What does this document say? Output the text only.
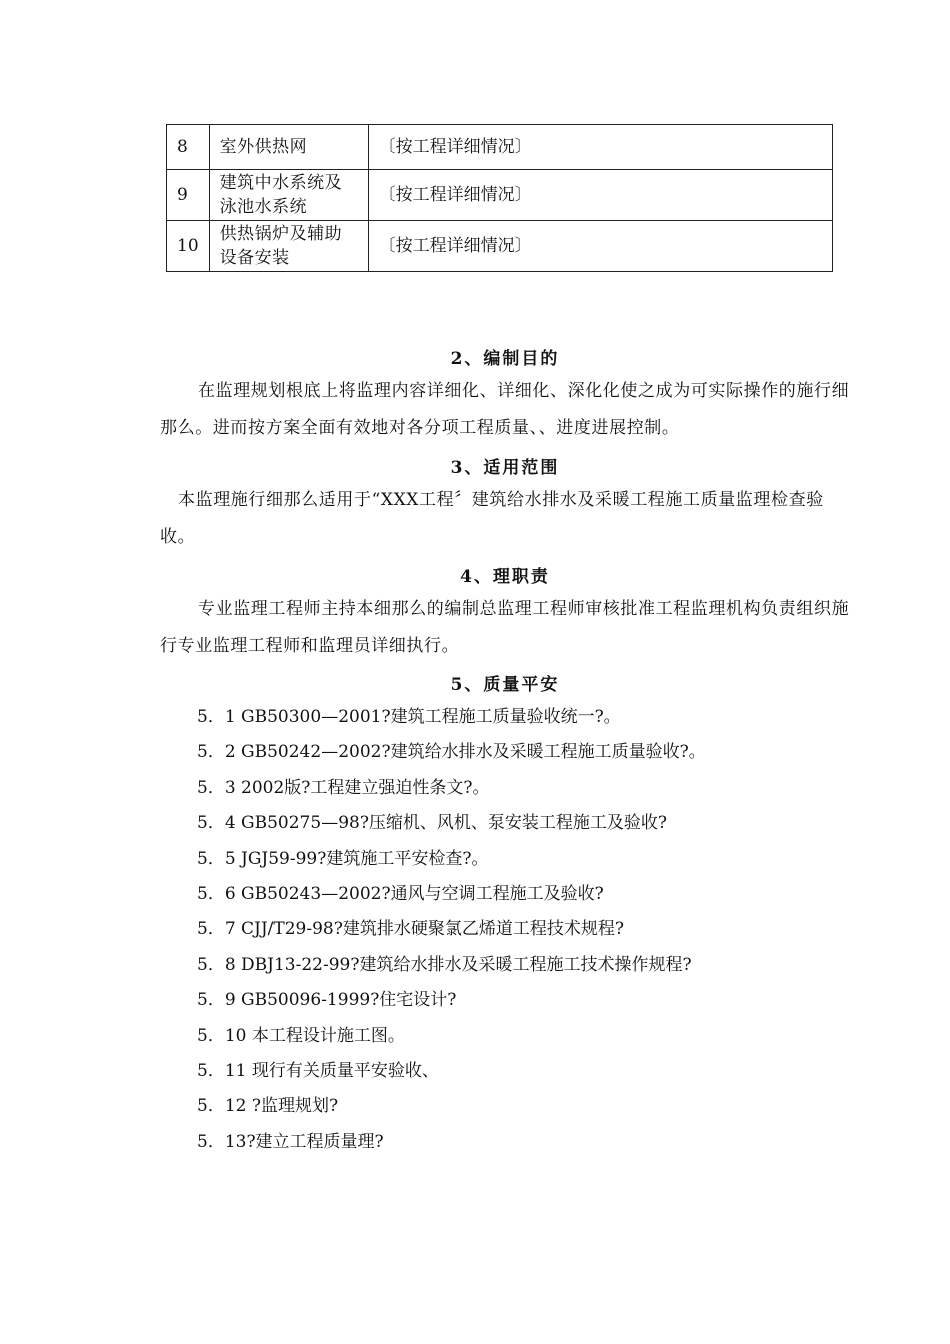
8	室外供热网	〔按工程详细情况〕
9	建筑中水系统及泳池水系统	〔按工程详细情况〕
10	供热锅炉及辅助设备安装	〔按工程详细情况〕
2、编制目的
在监理规划根底上将监理内容详细化、详细化、深化化使之成为可实际操作的施行细那么。进而按方案全面有效地对各分项工程质量、、进度进展控制。
3、适用范围
本监理施行细那么适用于“XXX工程〞建筑给水排水及采暖工程施工质量监理检查验收。
4、理职责
专业监理工程师主持本细那么的编制总监理工程师审核批准工程监理机构负责组织施行专业监理工程师和监理员详细执行。
5、质量平安
5．1 GB50300—2001?建筑工程施工质量验收统一?。
5．2 GB50242—2002?建筑给水排水及采暖工程施工质量验收?。
5．3 2002版?工程建立强迫性条文?。
5．4 GB50275—98?压缩机、风机、泵安装工程施工及验收?
5．5 JGJ59-99?建筑施工平安检查?。
5．6 GB50243—2002?通风与空调工程施工及验收?
5．7 CJJ/T29-98?建筑排水硬聚氯乙烯道工程技术规程?
5．8 DBJ13-22-99?建筑给水排水及采暖工程施工技术操作规程?
5．9 GB50096-1999?住宅设计?
5．10 本工程设计施工图。
5．11 现行有关质量平安验收、
5．12 ?监理规划?
5．13?建立工程质量理?
